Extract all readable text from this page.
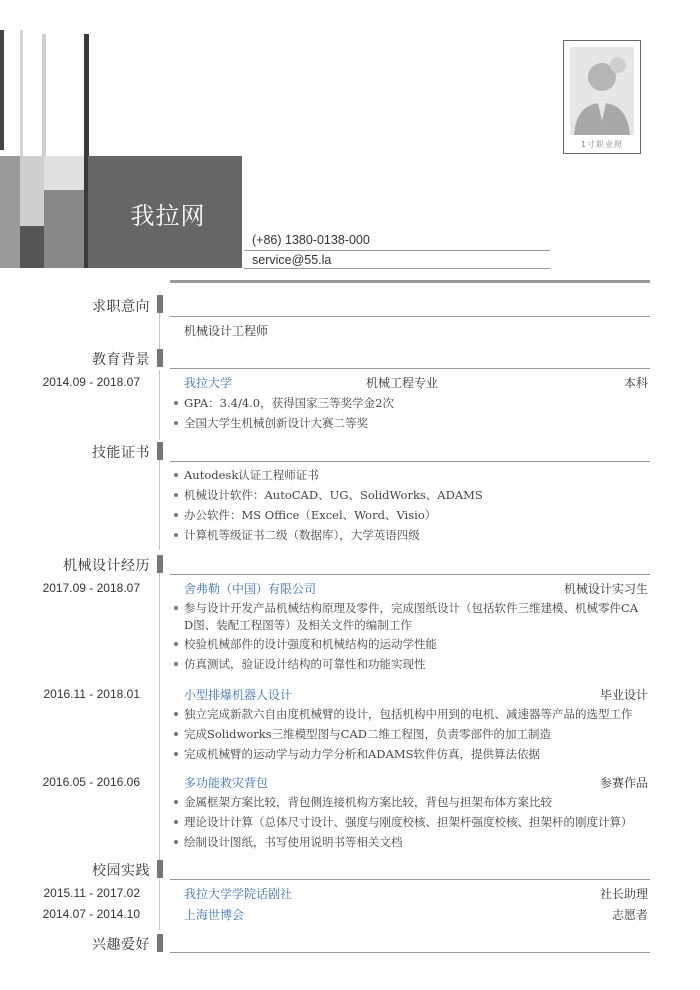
我拉网
(+86) 1380-0138-000
service@55.la
1寸职业照
求职意向
机械设计工程师
教育背景
2014.09 - 2018.07	我拉大学	机械工程专业	本科
GPA：3.4/4.0，获得国家三等奖学金2次
全国大学生机械创新设计大赛二等奖
技能证书
Autodesk认证工程师证书
机械设计软件：AutoCAD、UG、SolidWorks、ADAMS
办公软件：MS Office（Excel、Word、Visio）
计算机等级证书二级（数据库），大学英语四级
机械设计经历
2017.09 - 2018.07	舍弗勒（中国）有限公司	机械设计实习生
参与设计开发产品机械结构原理及零件，完成图纸设计（包括软件三维建模、机械零件CA
D图、装配工程图等）及相关文件的编制工作
校验机械部件的设计强度和机械结构的运动学性能
仿真测试，验证设计结构的可靠性和功能实现性
2016.11 - 2018.01	小型排爆机器人设计	毕业设计
独立完成新款六自由度机械臂的设计，包括机构中用到的电机、减速器等产品的选型工作
完成Solidworks三维模型图与CAD二维工程图，负责零部件的加工制造
完成机械臂的运动学与动力学分析和ADAMS软件仿真，提供算法依据
2016.05 - 2016.06	多功能救灾背包	参赛作品
金属框架方案比较，背包侧连接机构方案比较，背包与担架布体方案比较
理论设计计算（总体尺寸设计、强度与刚度校核、担架杆强度校核、担架杆的刚度计算）
绘制设计图纸，书写使用说明书等相关文档
校园实践
2015.11 - 2017.02	我拉大学学院话剧社	社长助理
2014.07 - 2014.10	上海世博会	志愿者
兴趣爱好
